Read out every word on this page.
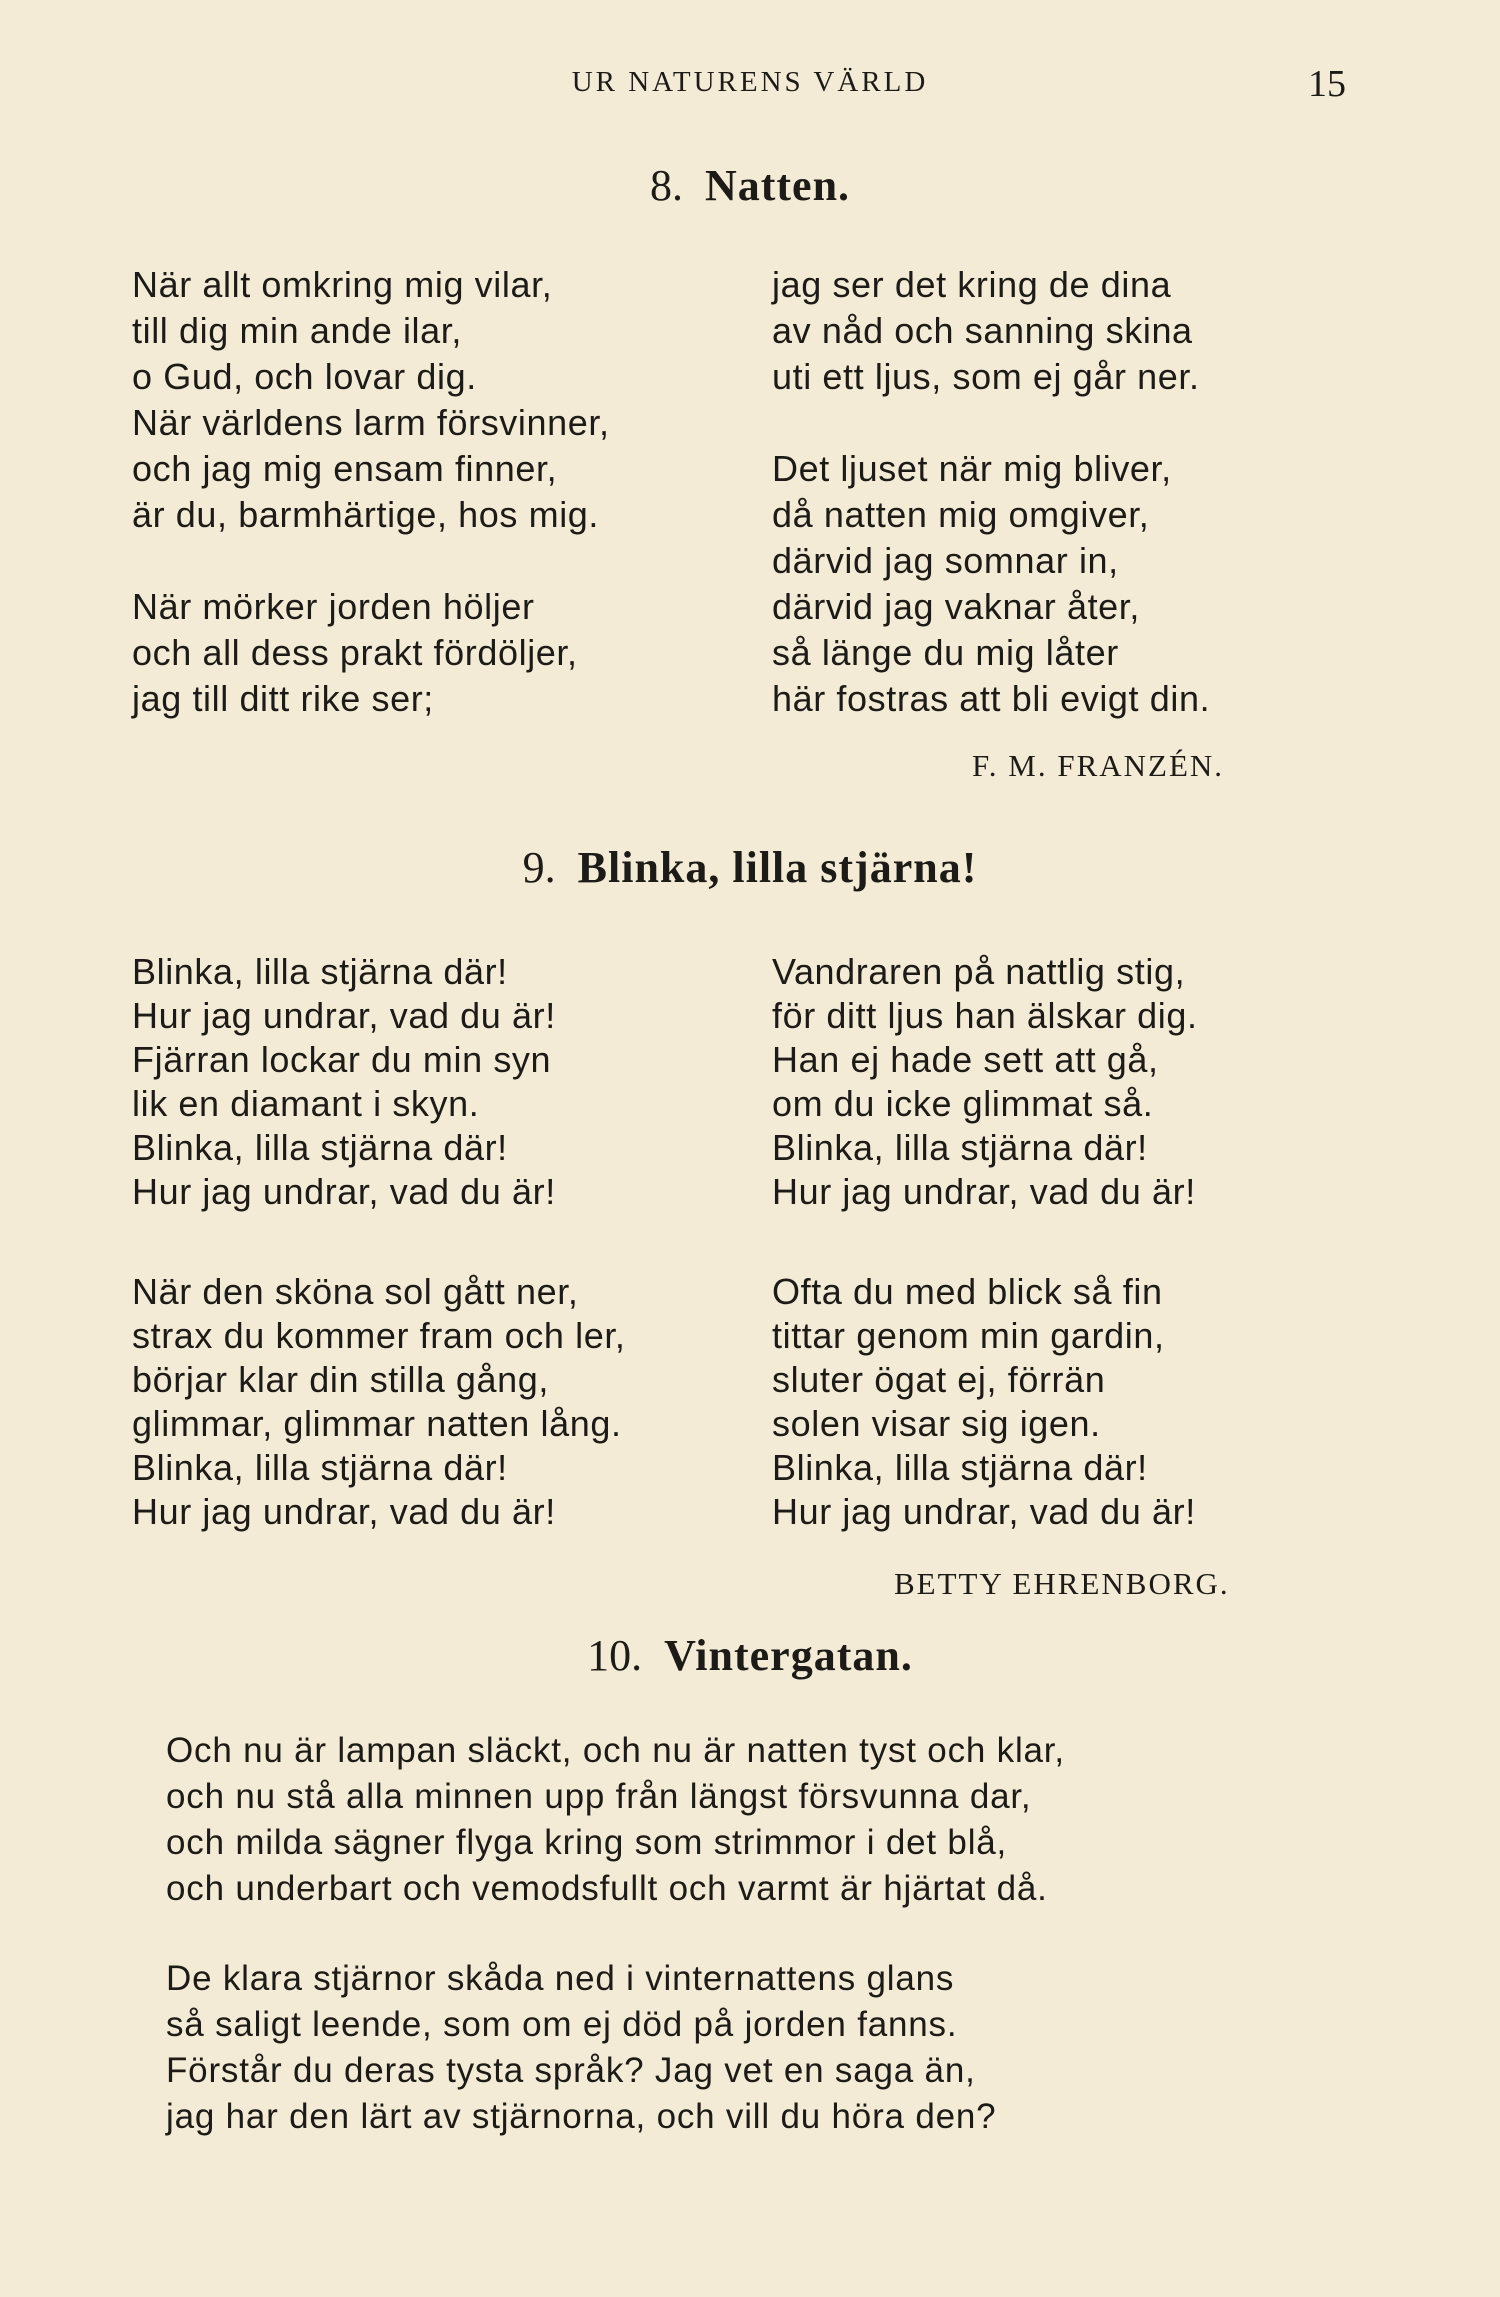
UR NATURENS VÄRLD	15
8. Natten.
När allt omkring mig vilar,
till dig min ande ilar,
o Gud, och lovar dig.
När världens larm försvinner,
och jag mig ensam finner,
är du, barmhärtige, hos mig.
När mörker jorden höljer
och all dess prakt fördöljer,
jag till ditt rike ser;
jag ser det kring de dina
av nåd och sanning skina
uti ett ljus, som ej går ner.
Det ljuset när mig bliver,
då natten mig omgiver,
därvid jag somnar in,
därvid jag vaknar åter,
så länge du mig låter
här fostras att bli evigt din.
F. M. FRANZÉN.
9. Blinka, lilla stjärna!
Blinka, lilla stjärna där!
Hur jag undrar, vad du är!
Fjärran lockar du min syn
lik en diamant i skyn.
Blinka, lilla stjärna där!
Hur jag undrar, vad du är!
När den sköna sol gått ner,
strax du kommer fram och ler,
börjar klar din stilla gång,
glimmar, glimmar natten lång.
Blinka, lilla stjärna där!
Hur jag undrar, vad du är!
Vandraren på nattlig stig,
för ditt ljus han älskar dig.
Han ej hade sett att gå,
om du icke glimmat så.
Blinka, lilla stjärna där!
Hur jag undrar, vad du är!
Ofta du med blick så fin
tittar genom min gardin,
sluter ögat ej, förrän
solen visar sig igen.
Blinka, lilla stjärna där!
Hur jag undrar, vad du är!
BETTY EHRENBORG.
10. Vintergatan.
Och nu är lampan släckt, och nu är natten tyst och klar,
och nu stå alla minnen upp från längst försvunna dar,
och milda sägner flyga kring som strimmor i det blå,
och underbart och vemodsfullt och varmt är hjärtat då.
De klara stjärnor skåda ned i vinternattens glans
så saligt leende, som om ej död på jorden fanns.
Förstår du deras tysta språk? Jag vet en saga än,
jag har den lärt av stjärnorna, och vill du höra den?
